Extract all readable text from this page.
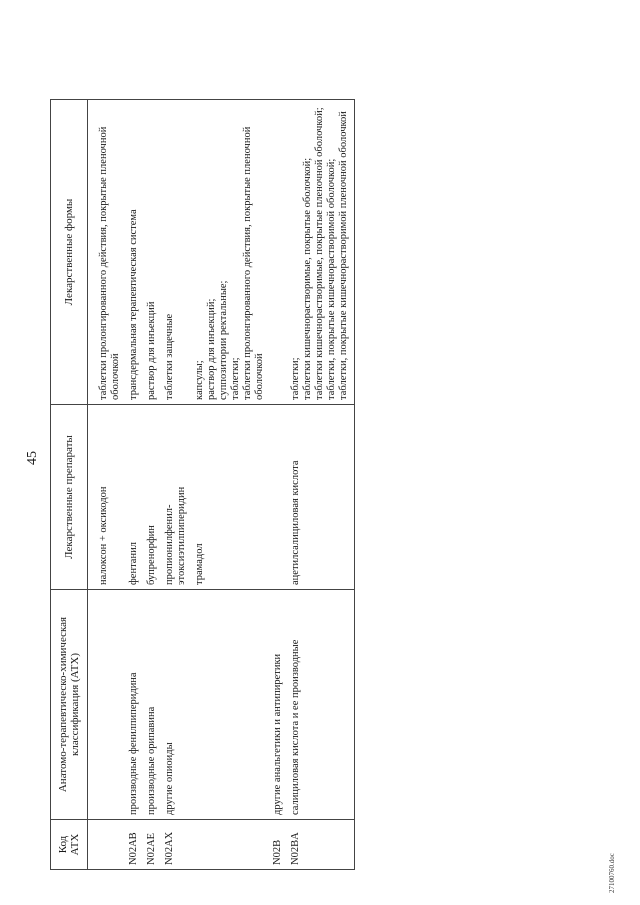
45
Код АТХ	Анатомо-терапевтическо-химическая классификация (АТХ)	Лекарственные препараты	Лекарственные формы
		налоксон + оксикодон	таблетки пролонгированного действия, покрытые пленочной оболочкой

N02AB	производные фенилпиперидина	фентанил	трансдермальная терапевтическая система

N02AE	производные орипавина	бупренорфин	раствор для инъекций

N02AX	другие опиоиды	пропионилфенил-этоксиэтилпиперидин	таблетки защечные

		трамадол	капсулы; раствор для инъекций; суппозитории ректальные; таблетки; таблетки пролонгированного действия, покрытые пленочной оболочкой

N02B	другие анальгетики и антипиретики		
N02BA	салициловая кислота и ее производные	ацетилсалициловая кислота	таблетки; таблетки кишечнорастворимые, покрытые оболочкой; таблетки кишечнорастворимые, покрытые пленочной оболочкой; таблетки, покрытые кишечнорастворимой оболочкой; таблетки, покрытые кишечнорастворимой пленочной оболочкой
27100760.doc
